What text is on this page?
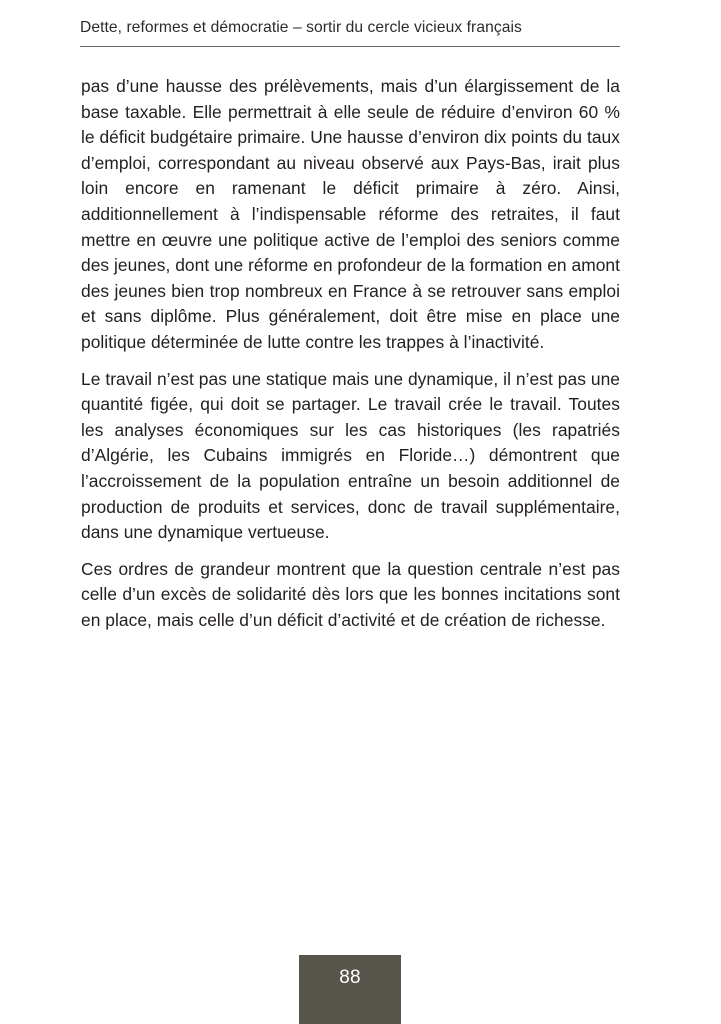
Dette, reformes et démocratie – sortir du cercle vicieux français

pas d’une hausse des prélèvements, mais d’un élargissement de la base taxable. Elle permettrait à elle seule de réduire d’environ 60 % le déficit budgétaire primaire. Une hausse d’environ dix points du taux d’emploi, correspondant au niveau observé aux Pays-Bas, irait plus loin encore en ramenant le déficit primaire à zéro. Ainsi, additionnellement à l’indispensable réforme des retraites, il faut mettre en œuvre une politique active de l’emploi des seniors comme des jeunes, dont une réforme en profondeur de la formation en amont des jeunes bien trop nombreux en France à se retrouver sans emploi et sans diplôme. Plus généralement, doit être mise en place une politique déterminée de lutte contre les trappes à l’inactivité.

Le travail n’est pas une statique mais une dynamique, il n’est pas une quantité figée, qui doit se partager. Le travail crée le travail. Toutes les analyses économiques sur les cas historiques (les rapatriés d’Algérie, les Cubains immigrés en Floride…) démontrent que l’accroissement de la population entraîne un besoin additionnel de production de produits et services, donc de travail supplémentaire, dans une dynamique vertueuse.

Ces ordres de grandeur montrent que la question centrale n’est pas celle d’un excès de solidarité dès lors que les bonnes incitations sont en place, mais celle d’un déficit d’activité et de création de richesse.

88
